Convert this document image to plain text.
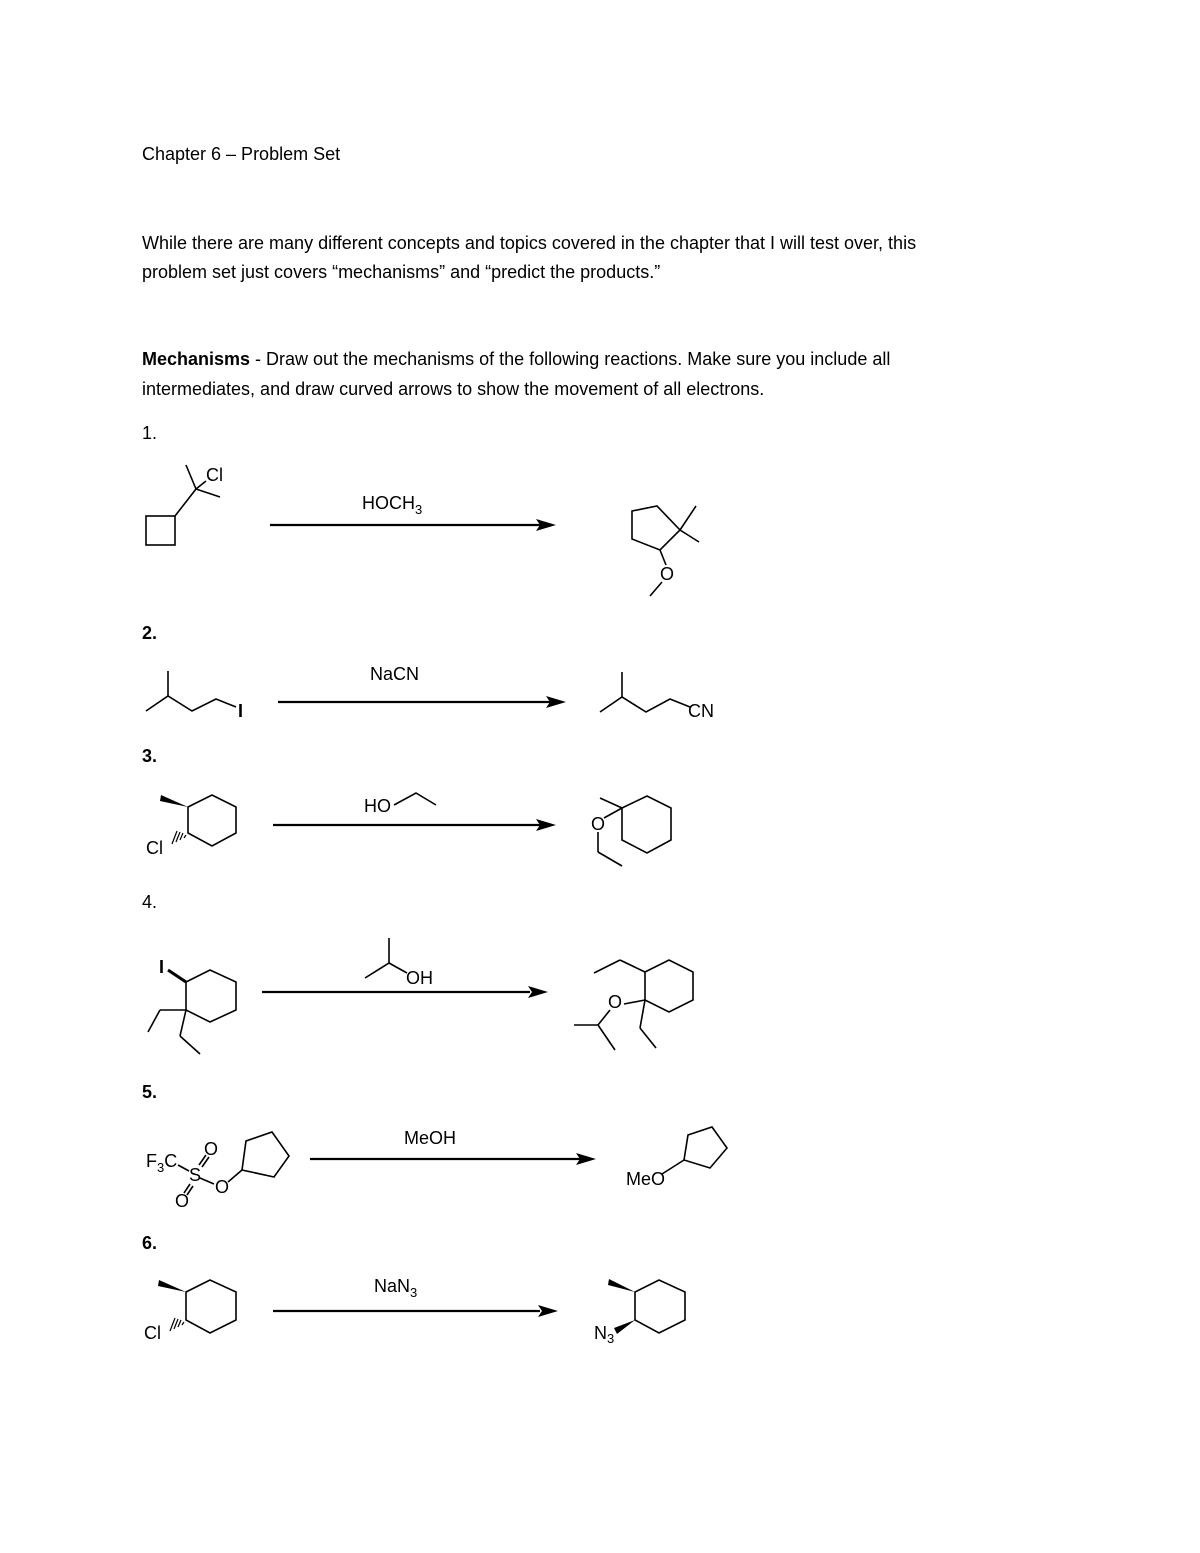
Chapter 6 – Problem Set
While there are many different concepts and topics covered in the chapter that I will test over, this
problem set just covers “mechanisms” and “predict the products.”
Mechanisms - Draw out the mechanisms of the following reactions. Make sure you include all
intermediates, and draw curved arrows to show the movement of all electrons.
1.
Cl
$HOCH_3$
O
2.
I
NaCN
CN
3.
Cl
HO
O
4.
I
OH
O
5.
$F_3C$
S
O
O
O
MeOH
MeO
6.
Cl
NaN$_3$
$N_3$
